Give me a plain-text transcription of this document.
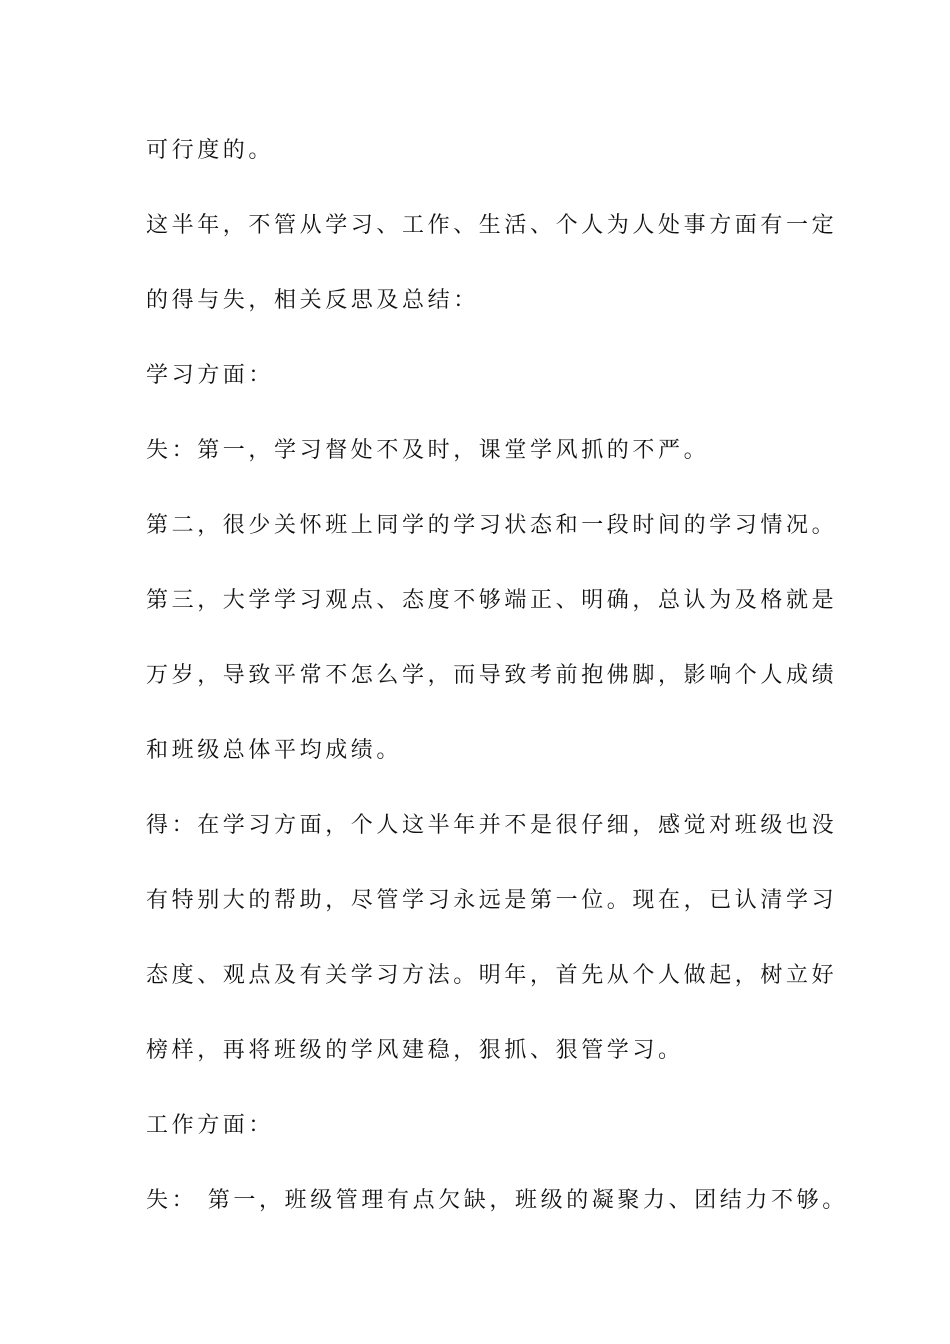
可行度的。

这半年，不管从学习、工作、生活、个人为人处事方面有一定

的得与失，相关反思及总结：

学习方面：

失：第一，学习督处不及时，课堂学风抓的不严。

第二，很少关怀班上同学的学习状态和一段时间的学习情况。

第三，大学学习观点、态度不够端正、明确，总认为及格就是

万岁，导致平常不怎么学，而导致考前抱佛脚，影响个人成绩

和班级总体平均成绩。

得：在学习方面，个人这半年并不是很仔细，感觉对班级也没

有特别大的帮助，尽管学习永远是第一位。现在，已认清学习

态度、观点及有关学习方法。明年，首先从个人做起，树立好

榜样，再将班级的学风建稳，狠抓、狠管学习。

工作方面：

失： 第一，班级管理有点欠缺，班级的凝聚力、团结力不够。
